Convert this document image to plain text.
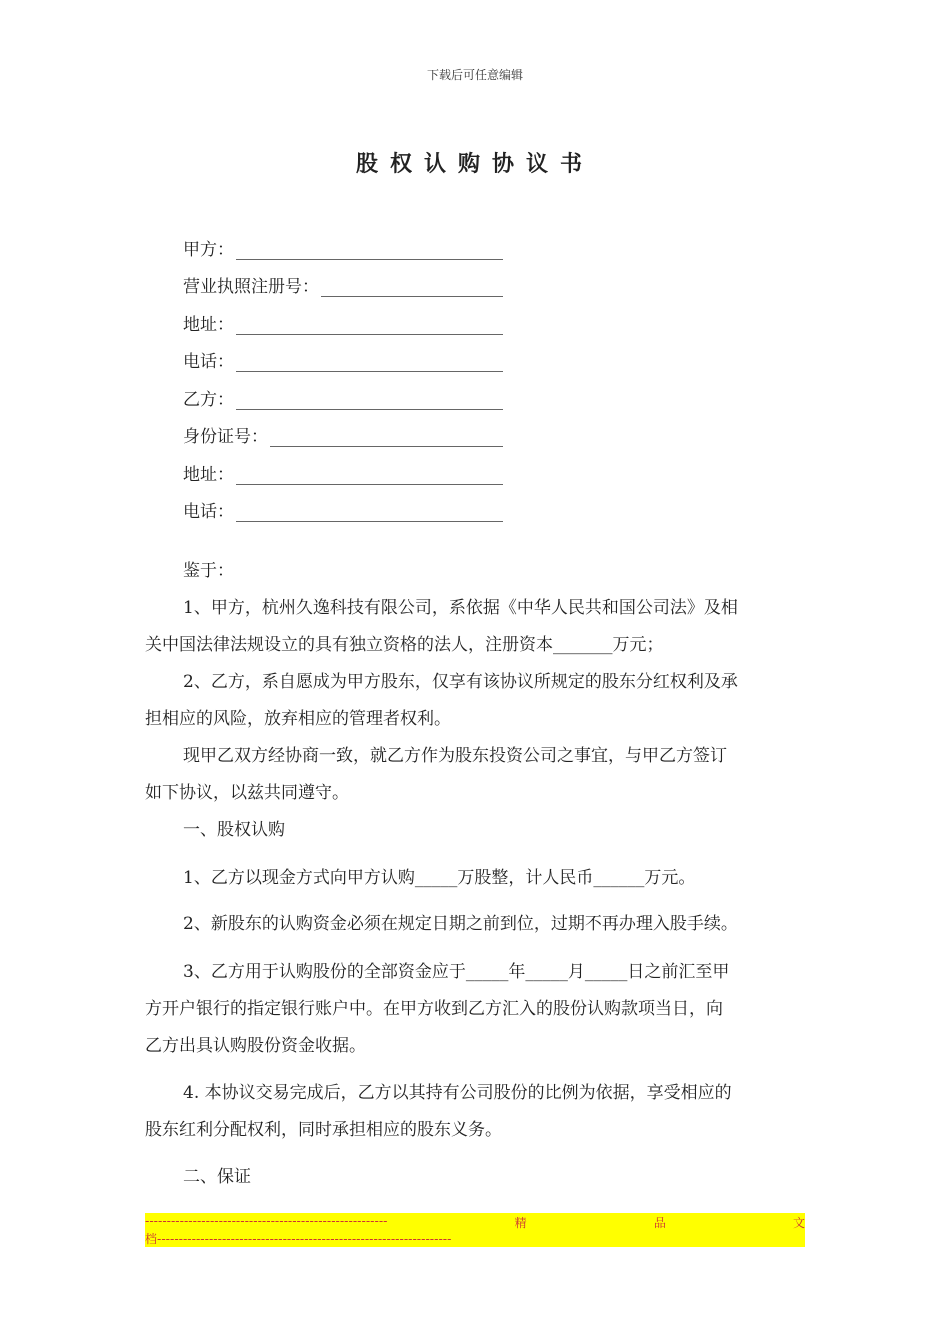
下载后可任意编辑
股权认购协议书
甲方：
营业执照注册号：
地址：
电话：
乙方：
身份证号：
地址：
电话：

鉴于：

1、甲方，杭州久逸科技有限公司，系依据《中华人民共和国公司法》及相

关中国法律法规设立的具有独立资格的法人，注册资本_______万元；

2、乙方，系自愿成为甲方股东，仅享有该协议所规定的股东分红权利及承

担相应的风险，放弃相应的管理者权利。

现甲乙双方经协商一致，就乙方作为股东投资公司之事宜，与甲乙方签订

如下协议，以兹共同遵守。

一、股权认购

1、乙方以现金方式向甲方认购_____万股整，计人民币______万元。

2、新股东的认购资金必须在规定日期之前到位，过期不再办理入股手续。

3、乙方用于认购股份的全部资金应于_____年_____月_____日之前汇至甲

方开户银行的指定银行账户中。在甲方收到乙方汇入的股份认购款项当日，向

乙方出具认购股份资金收据。

4. 本协议交易完成后，乙方以其持有公司股份的比例为依据，享受相应的

股东红利分配权利，同时承担相应的股东义务。

二、保证

--------------------------------------------------------	精	品	文
档--------------------------------------------------------------------
